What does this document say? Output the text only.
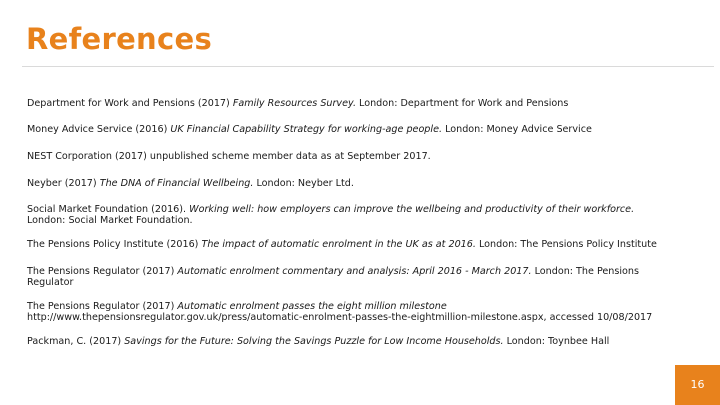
References
Department for Work and Pensions (2017) Family Resources Survey. London: Department for Work and Pensions
Money Advice Service (2016) UK Financial Capability Strategy for working-age people. London: Money Advice Service
NEST Corporation (2017) unpublished scheme member data as at September 2017.
Neyber (2017) The DNA of Financial Wellbeing. London: Neyber Ltd.
Social Market Foundation (2016). Working well: how employers can improve the wellbeing and productivity of their workforce.
London: Social Market Foundation.
The Pensions Policy Institute (2016) The impact of automatic enrolment in the UK as at 2016. London: The Pensions Policy Institute
The Pensions Regulator (2017) Automatic enrolment commentary and analysis: April 2016 - March 2017. London: The Pensions
Regulator
The Pensions Regulator (2017) Automatic enrolment passes the eight million milestone
http://www.thepensionsregulator.gov.uk/press/automatic-enrolment-passes-the-eightmillion-milestone.aspx, accessed 10/08/2017
Packman, C. (2017) Savings for the Future: Solving the Savings Puzzle for Low Income Households. London: Toynbee Hall
16
